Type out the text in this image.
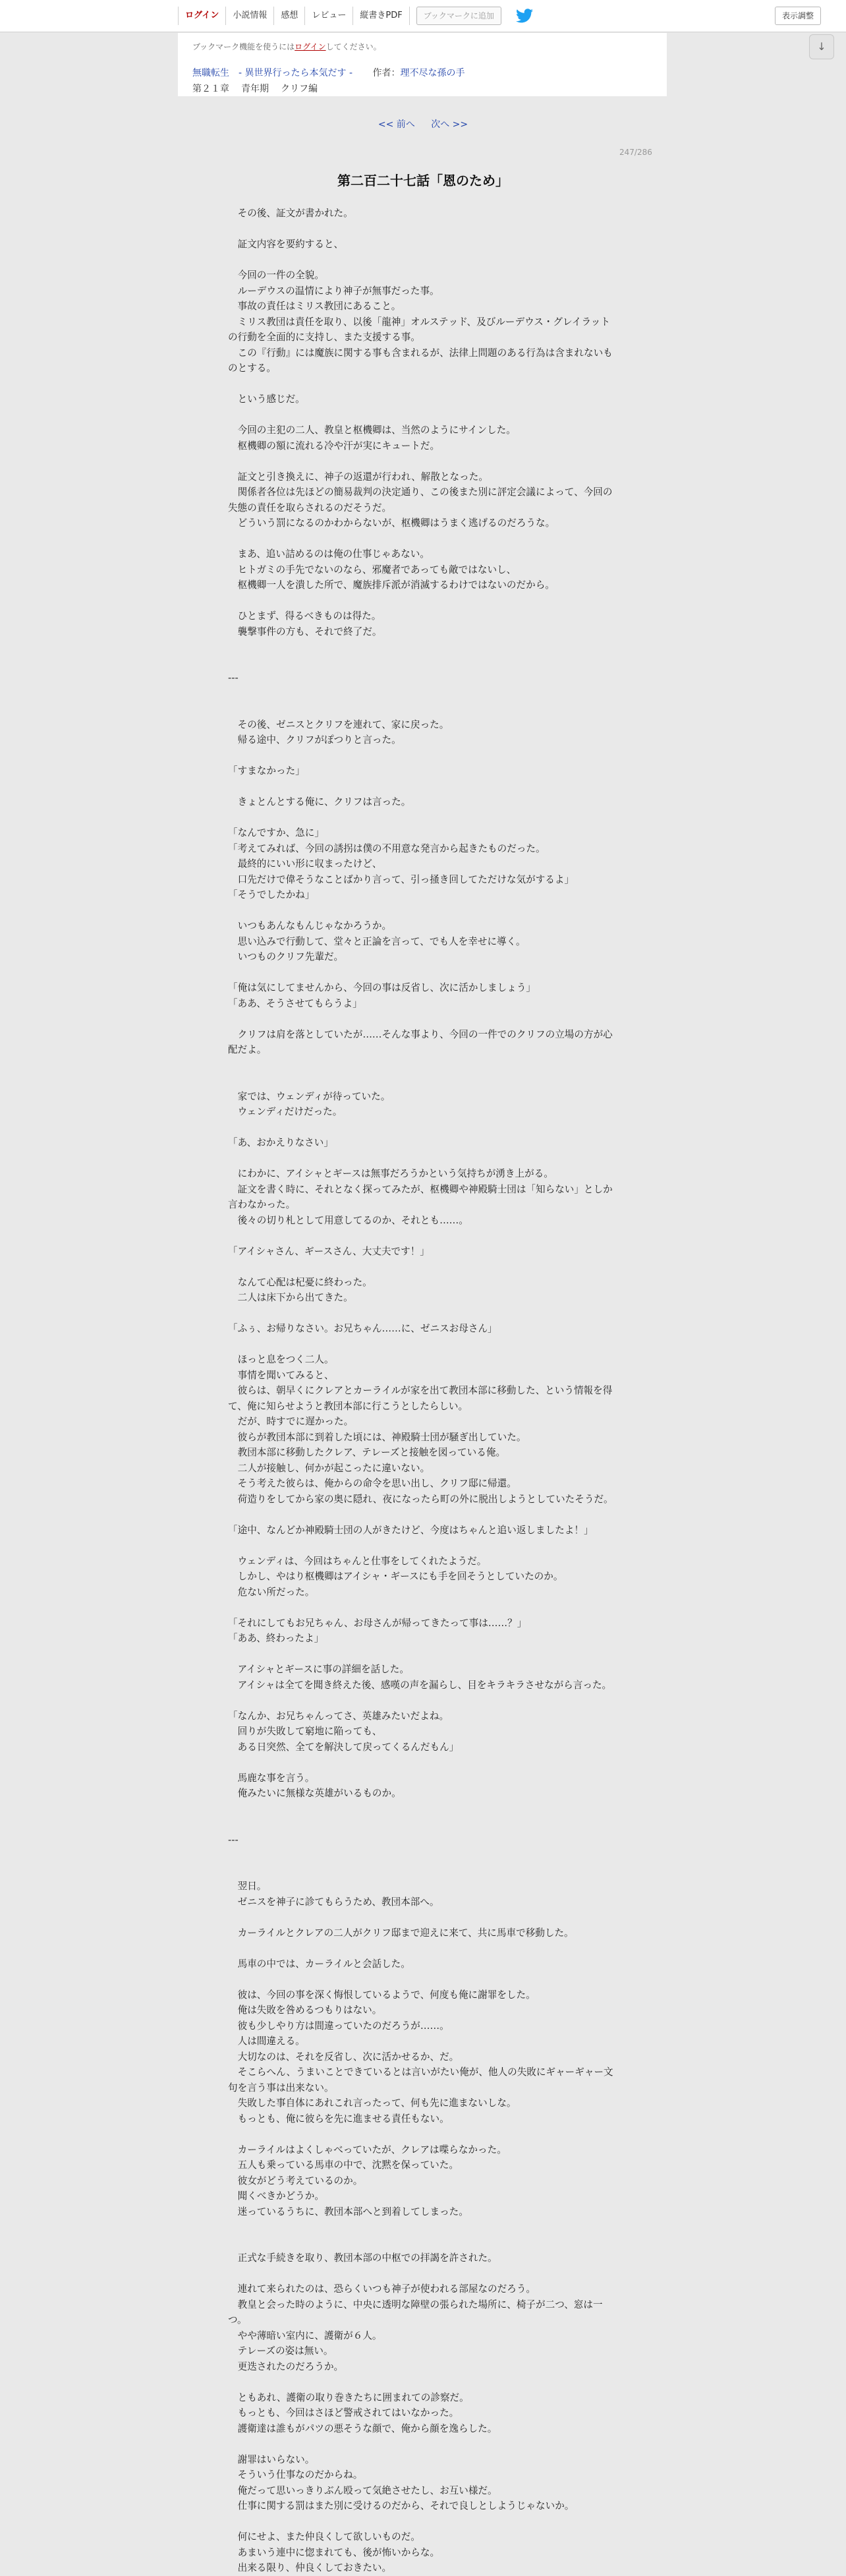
ログイン	小説情報	感想	レビュー	縦書きPDF	ブックマークに追加	表示調整
↓
ブックマーク機能を使うにはログインしてください。
無職転生　- 異世界行ったら本気だす - 作者：理不尽な孫の手
第２１章 青年期 クリフ編
<< 前へ 次へ >>
247/286
第二百二十七話「恩のため」

　その後、証文が書かれた。

　証文内容を要約すると、

　今回の一件の全貌。

　ルーデウスの温情により神子が無事だった事。

　事故の責任はミリス教団にあること。

　ミリス教団は責任を取り、以後「龍神」オルステッド、及びルーデウス・グレイラットの行動を全面的に支持し、また支援する事。

　この『行動』には魔族に関する事も含まれるが、法律上問題のある行為は含まれないものとする。

　という感じだ。

　今回の主犯の二人、教皇と枢機卿は、当然のようにサインした。

　枢機卿の額に流れる冷や汗が実にキュートだ。

　証文と引き換えに、神子の返還が行われ、解散となった。

　関係者各位は先ほどの簡易裁判の決定通り、この後また別に評定会議によって、今回の失態の責任を取らされるのだそうだ。

　どういう罰になるのかわからないが、枢機卿はうまく逃げるのだろうな。

　まあ、追い詰めるのは俺の仕事じゃあない。

　ヒトガミの手先でないのなら、邪魔者であっても敵ではないし、

　枢機卿一人を潰した所で、魔族排斥派が消滅するわけではないのだから。

　ひとまず、得るべきものは得た。

　襲撃事件の方も、それで終了だ。

---

　その後、ゼニスとクリフを連れて、家に戻った。

　帰る途中、クリフがぽつりと言った。

「すまなかった」

　きょとんとする俺に、クリフは言った。

「なんですか、急に」

「考えてみれば、今回の誘拐は僕の不用意な発言から起きたものだった。

　最終的にいい形に収まったけど、

　口先だけで偉そうなことばかり言って、引っ掻き回してただけな気がするよ」

「そうでしたかね」

　いつもあんなもんじゃなかろうか。

　思い込みで行動して、堂々と正論を言って、でも人を幸せに導く。

　いつものクリフ先輩だ。

「俺は気にしてませんから、今回の事は反省し、次に活かしましょう」

「ああ、そうさせてもらうよ」

　クリフは肩を落としていたが……そんな事より、今回の一件でのクリフの立場の方が心配だよ。

　家では、ウェンディが待っていた。

　ウェンディだけだった。

「あ、おかえりなさい」

　にわかに、アイシャとギースは無事だろうかという気持ちが湧き上がる。

　証文を書く時に、それとなく探ってみたが、枢機卿や神殿騎士団は「知らない」としか言わなかった。

　後々の切り札として用意してるのか、それとも……。

「アイシャさん、ギースさん、大丈夫です！」

　なんて心配は杞憂に終わった。

　二人は床下から出てきた。

「ふぅ、お帰りなさい。お兄ちゃん……に、ゼニスお母さん」

　ほっと息をつく二人。

　事情を聞いてみると、

　彼らは、朝早くにクレアとカーライルが家を出て教団本部に移動した、という情報を得て、俺に知らせようと教団本部に行こうとしたらしい。

　だが、時すでに遅かった。

　彼らが教団本部に到着した頃には、神殿騎士団が騒ぎ出していた。

　教団本部に移動したクレア、テレーズと接触を図っている俺。

　二人が接触し、何かが起こったに違いない。

　そう考えた彼らは、俺からの命令を思い出し、クリフ邸に帰還。

　荷造りをしてから家の奥に隠れ、夜になったら町の外に脱出しようとしていたそうだ。

「途中、なんどか神殿騎士団の人がきたけど、今度はちゃんと追い返しましたよ！」

　ウェンディは、今回はちゃんと仕事をしてくれたようだ。

　しかし、やはり枢機卿はアイシャ・ギースにも手を回そうとしていたのか。

　危ない所だった。

「それにしてもお兄ちゃん、お母さんが帰ってきたって事は……？」

「ああ、終わったよ」

　アイシャとギースに事の詳細を話した。

　アイシャは全てを聞き終えた後、感嘆の声を漏らし、目をキラキラさせながら言った。

「なんか、お兄ちゃんってさ、英雄みたいだよね。

　回りが失敗して窮地に陥っても、

　ある日突然、全てを解決して戻ってくるんだもん」

　馬鹿な事を言う。

　俺みたいに無様な英雄がいるものか。

---

　翌日。

　ゼニスを神子に診てもらうため、教団本部へ。

　カーライルとクレアの二人がクリフ邸まで迎えに来て、共に馬車で移動した。

　馬車の中では、カーライルと会話した。

　彼は、今回の事を深く悔恨しているようで、何度も俺に謝罪をした。

　俺は失敗を咎めるつもりはない。

　彼も少しやり方は間違っていたのだろうが……。

　人は間違える。

　大切なのは、それを反省し、次に活かせるか、だ。

　そこらへん、うまいことできているとは言いがたい俺が、他人の失敗にギャーギャー文句を言う事は出来ない。

　失敗した事自体にあれこれ言ったって、何も先に進まないしな。

　もっとも、俺に彼らを先に進ませる責任もない。

　カーライルはよくしゃべっていたが、クレアは喋らなかった。

　五人も乗っている馬車の中で、沈黙を保っていた。

　彼女がどう考えているのか。

　聞くべきかどうか。

　迷っているうちに、教団本部へと到着してしまった。

　正式な手続きを取り、教団本部の中枢での拝謁を許された。

　連れて来られたのは、恐らくいつも神子が使われる部屋なのだろう。

　教皇と会った時のように、中央に透明な障壁の張られた場所に、椅子が二つ、窓は一つ。

　やや薄暗い室内に、護衛が６人。

　テレーズの姿は無い。

　更迭されたのだろうか。

　ともあれ、護衛の取り巻きたちに囲まれての診察だ。

　もっとも、今回はさほど警戒されてはいなかった。

　護衛達は誰もがパツの悪そうな顔で、俺から顔を逸らした。

　謝罪はいらない。

　そういう仕事なのだからね。

　俺だって思いっきりぶん殴って気絶させたし、お互い様だ。

　仕事に関する罰はまた別に受けるのだから、それで良しとしようじゃないか。

　何にせよ、また仲良くして欲しいものだ。

　あまいう連中に惚まれても、後が怖いからな。

　出来る限り、仲良くしておきたい。
